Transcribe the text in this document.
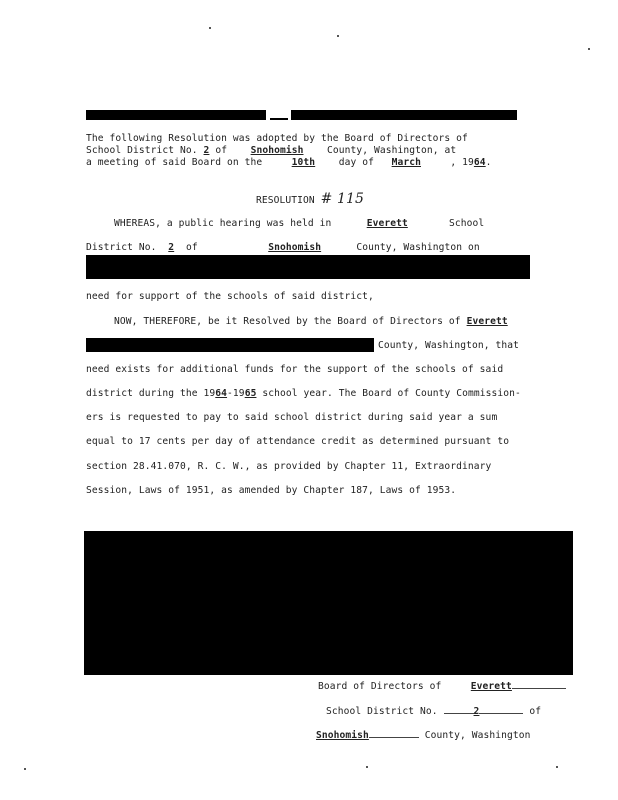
The following Resolution was adopted by the Board of Directors of
School District No. 2 of Snohomish County, Washington, at
a meeting of said Board on the	10th day of March	, 1964.
RESOLUTION # 115
WHEREAS, a public hearing was held in	Everett	School
District No. 2 of	Snohomish	County, Washington on
need for support of the schools of said district,
NOW, THEREFORE, be it Resolved by the Board of Directors of Everett
County, Washington, that
need exists for additional funds for the support of the schools of said
district during the 1964-1965 school year. The Board of County Commission-
ers is requested to pay to said school district during said year a sum
equal to 17 cents per day of attendance credit as determined pursuant to
section 28.41.070, R. C. W., as provided by Chapter 11, Extraordinary
Session, Laws of 1951, as amended by Chapter 187, Laws of 1953.
Board of Directors of	Everett
School District No.	2	of
Snohomish	County, Washington
